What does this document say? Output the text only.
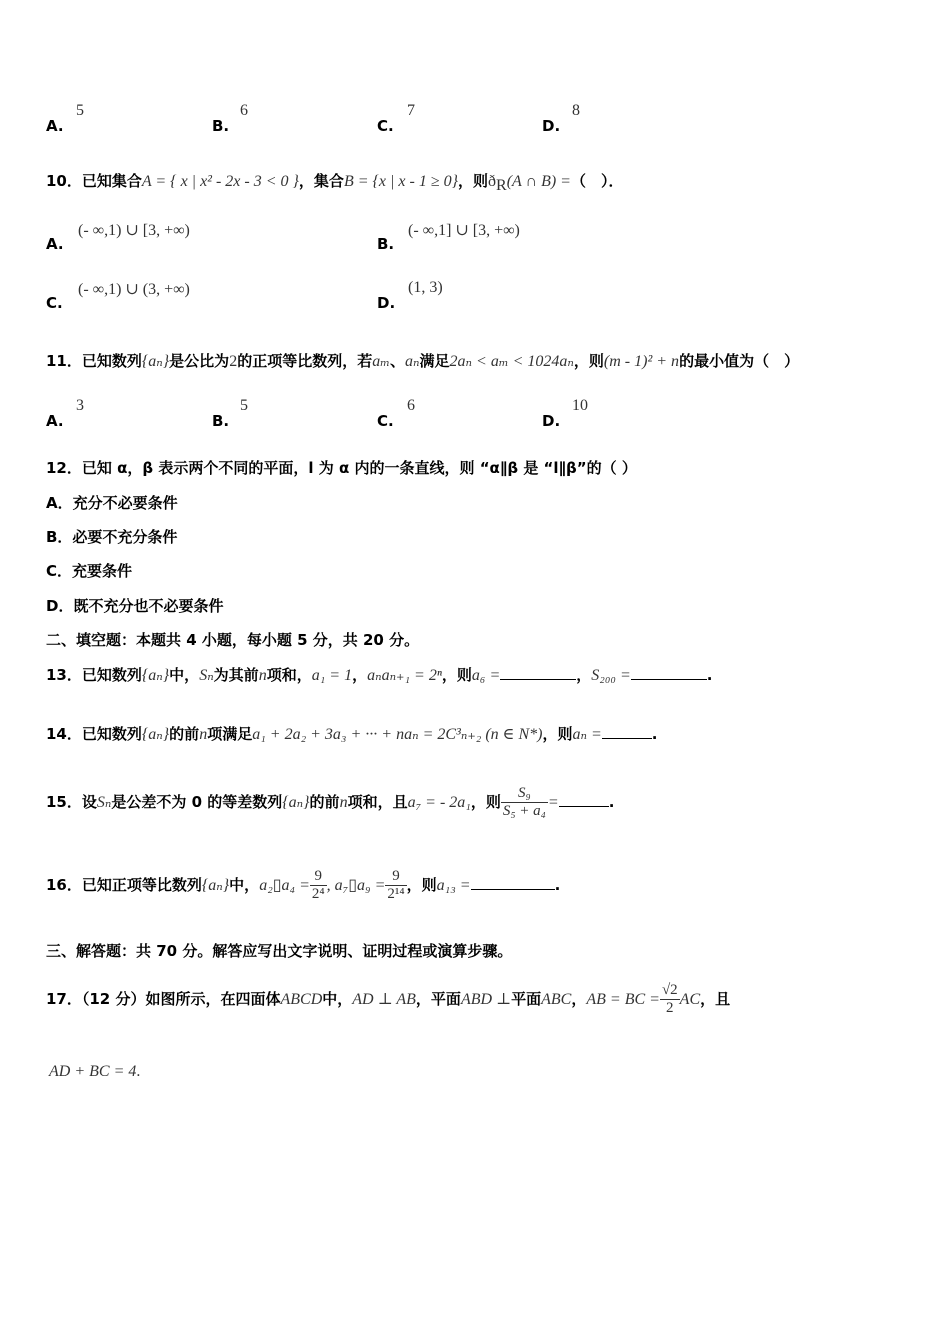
A.
5
B.
6
C.
7
D.
8
10．已知集合A = { x | x² - 2x - 3 < 0 }，集合B = {x | x - 1 ≥ 0}，则$ð_R(A$ ∩ B) =（　）．
A.
(- ∞,1) ∪ [3, +∞)
B.
(- ∞,1] ∪ [3, +∞)
C.
(- ∞,1) ∪ (3, +∞)
D.
(1, 3)
11．已知数列{aₙ}是公比为2的正项等比数列，若aₘ、aₙ满足2aₙ < aₘ < 1024aₙ，则(m - 1)² + n的最小值为（　）
A.
3
B.
5
C.
6
D.
10
12．已知 α，β 表示两个不同的平面，l 为 α 内的一条直线，则 “α∥β 是 “l∥β”的（ ）
A．充分不必要条件
B．必要不充分条件
C．充要条件
D．既不充分也不必要条件
二、填空题：本题共 4 小题，每小题 5 分，共 20 分。
13．已知数列{aₙ}中，Sₙ为其前n项和，a₁ = 1，aₙaₙ₊₁ = 2ⁿ，则a₆ =	，S₂₀₀ =	.
14．已知数列{aₙ}的前n项满足a₁ + 2a₂ + 3a₃ + ··· + naₙ = 2C³ₙ₊₂ (n ∈ N*)，则aₙ =	.
15．设Sₙ是公差不为 0 的等差数列{aₙ}的前n项和，且a₇ = - 2a₁，则 $\frac{\text{S₉}}{\text{S₅ + a₄}}$ =	.
16．已知正项等比数列{aₙ}中，a₂▯a₄ = $\frac{9}{\text{2⁴}}$ , a₇▯a₉ = $\frac{9}{\text{2¹⁴}}$ ，则a₁₃ =	.
三、解答题：共 70 分。解答应写出文字说明、证明过程或演算步骤。
17．（12 分）如图所示，在四面体ABCD中，AD ⊥ AB，平面ABD ⊥平面ABC，AB = BC = $\frac{√2}{2}$ AC，且
AD + BC = 4.
